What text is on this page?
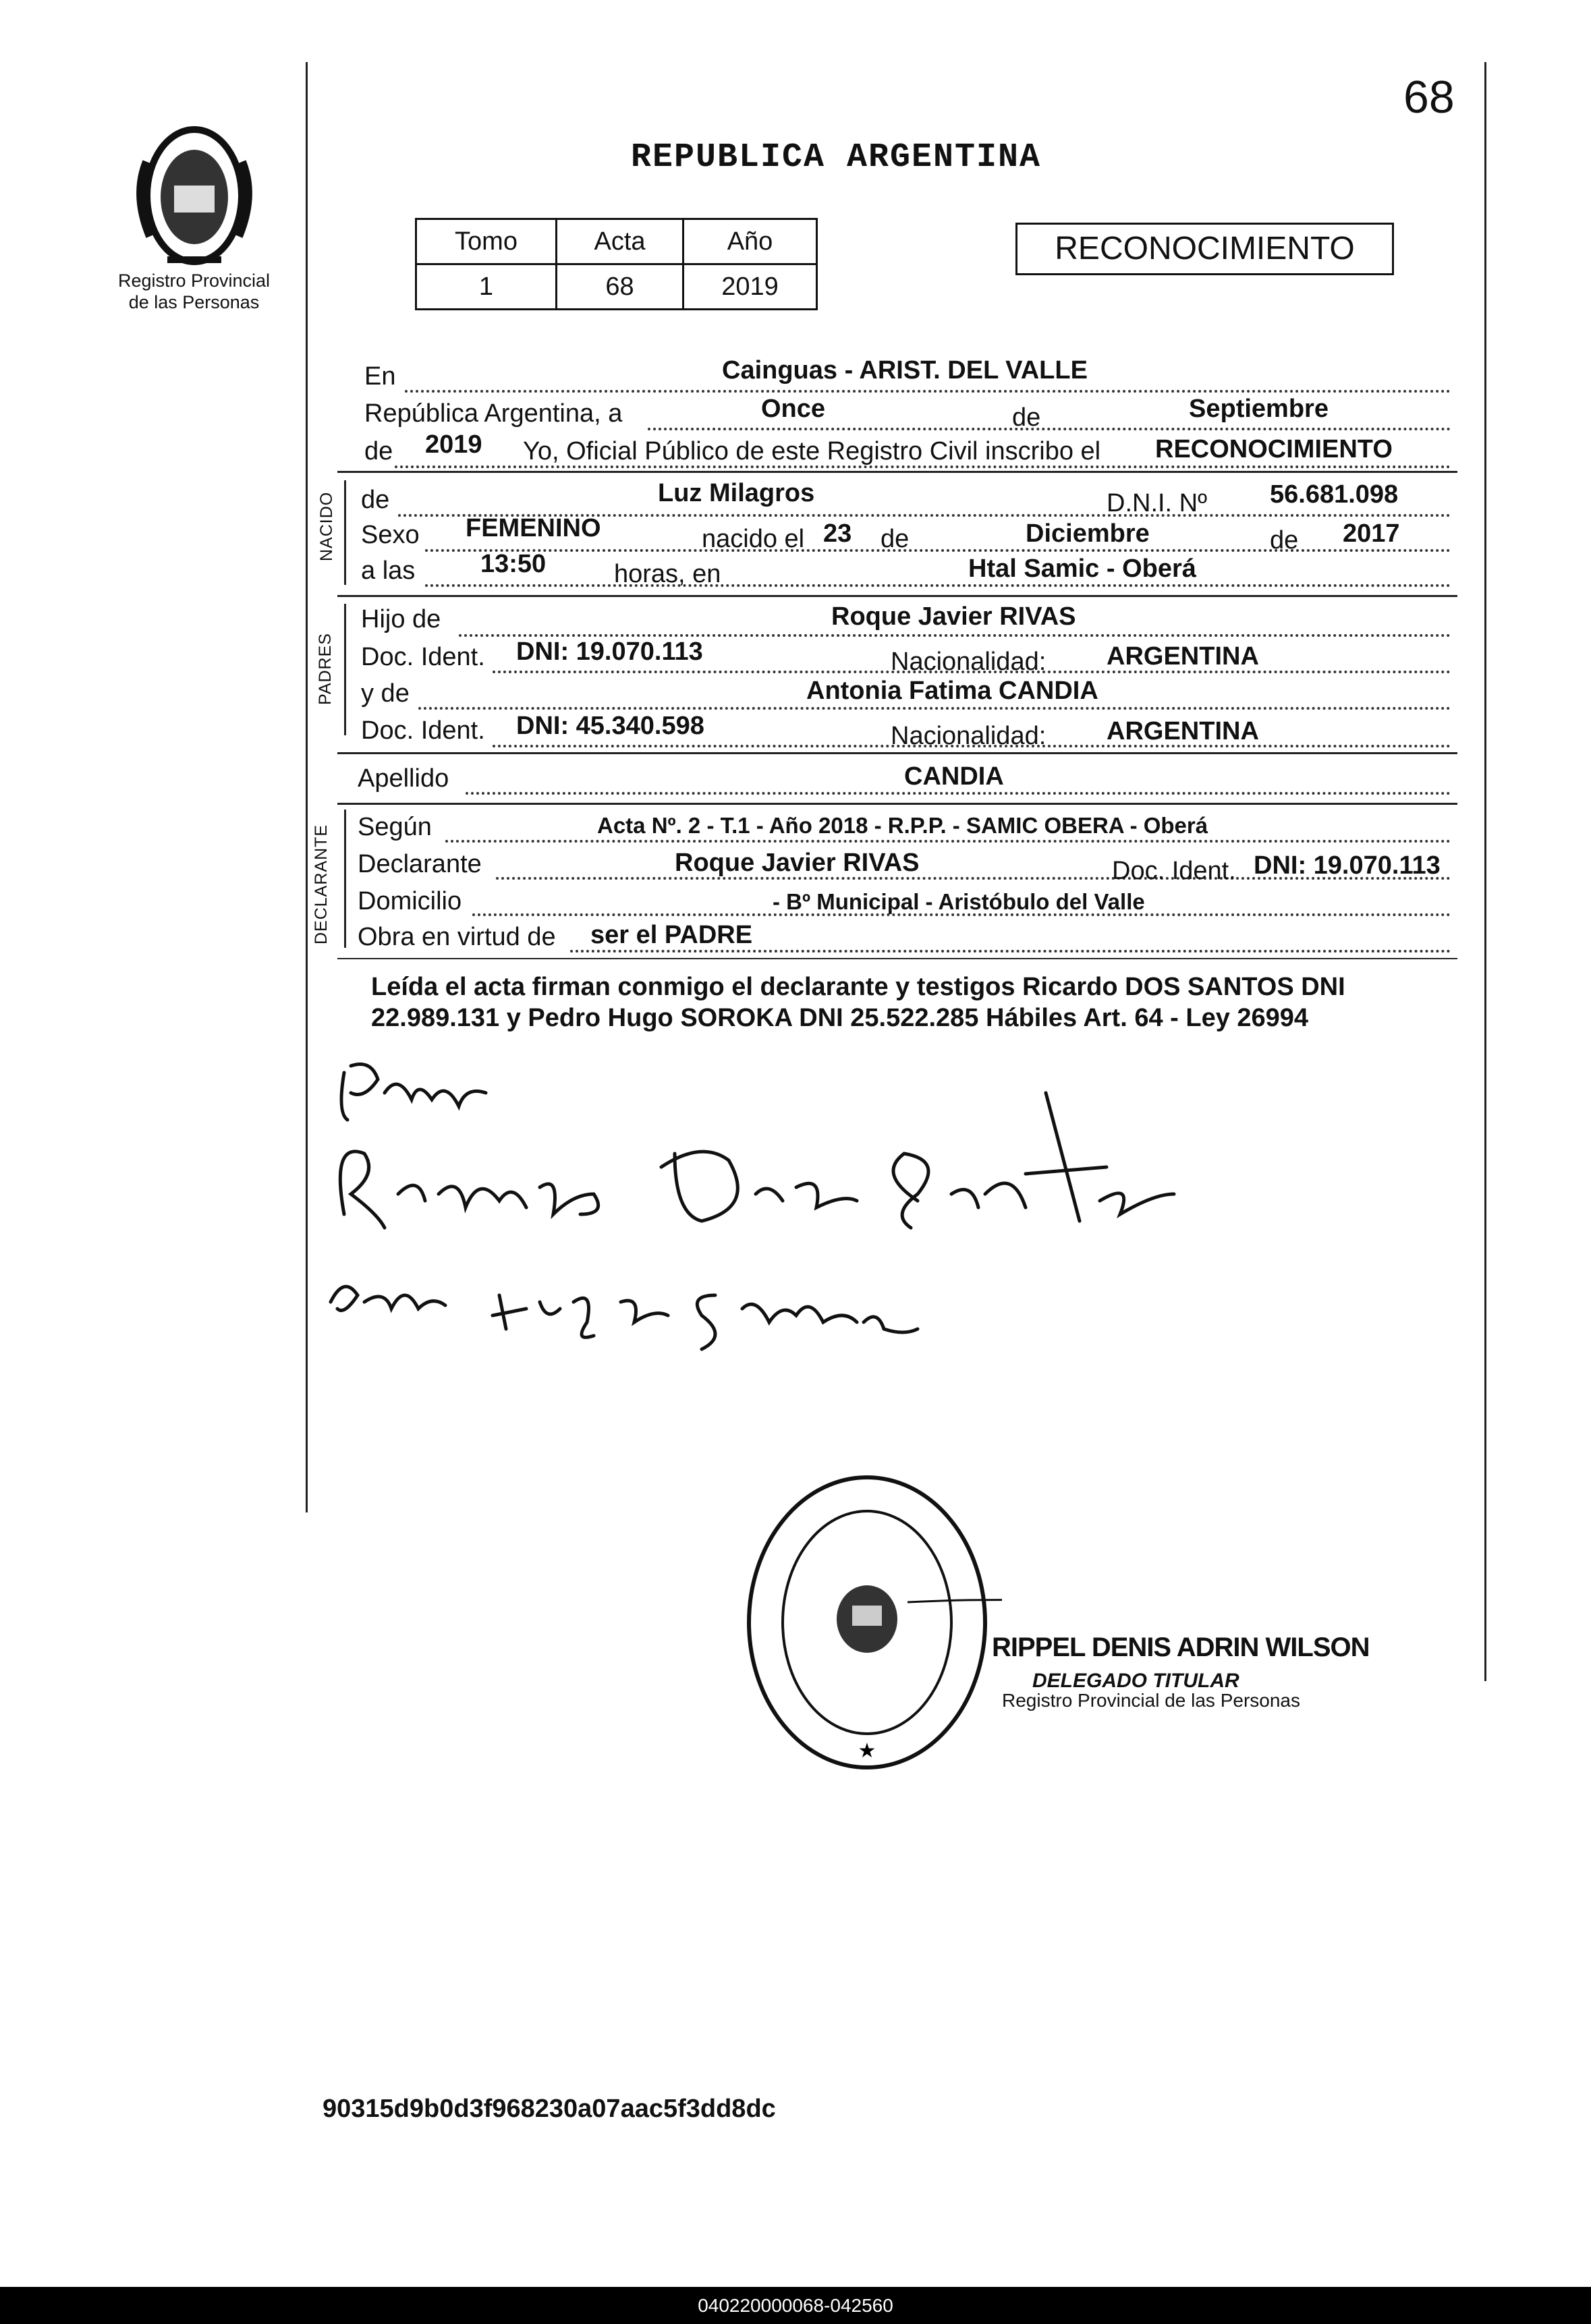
68
REPUBLICA ARGENTINA
Registro Provincial
de las Personas
Tomo	Acta	Año
1	68	2019
RECONOCIMIENTO
En	Cainguas - ARIST. DEL VALLE
República Argentina, a	Once	de	Septiembre
de 2019 Yo, Oficial Público de este Registro Civil inscribo el RECONOCIMIENTO
NACIDO de	Luz Milagros	D.N.I. Nº 56.681.098
Sexo FEMENINO	nacido el 23 de	Diciembre	de 2017
a las	13:50	horas, en	Htal Samic - Oberá
PADRES
Hijo de	Roque Javier RIVAS
Doc. Ident. DNI: 19.070.113	Nacionalidad: ARGENTINA
y de	Antonia Fatima CANDIA
Doc. Ident. DNI: 45.340.598	Nacionalidad: ARGENTINA
Apellido	CANDIA
DECLARANTE Según	Acta Nº. 2 - T.1 - Año 2018 - R.P.P. - SAMIC OBERA - Oberá
Declarante	Roque Javier RIVAS	Doc. Ident. DNI: 19.070.113
Domicilio	- Bº Municipal - Aristóbulo del Valle
Obra en virtud de ser el PADRE
Leída el acta firman conmigo el declarante y testigos Ricardo DOS SANTOS DNI 22.989.131 y Pedro Hugo SOROKA DNI 25.522.285 Hábiles Art. 64 - Ley 26994
★
RIPPEL DENIS ADRIN WILSON
DELEGADO TITULAR
Registro Provincial de las Personas
90315d9b0d3f968230a07aac5f3dd8dc
040220000068-042560
